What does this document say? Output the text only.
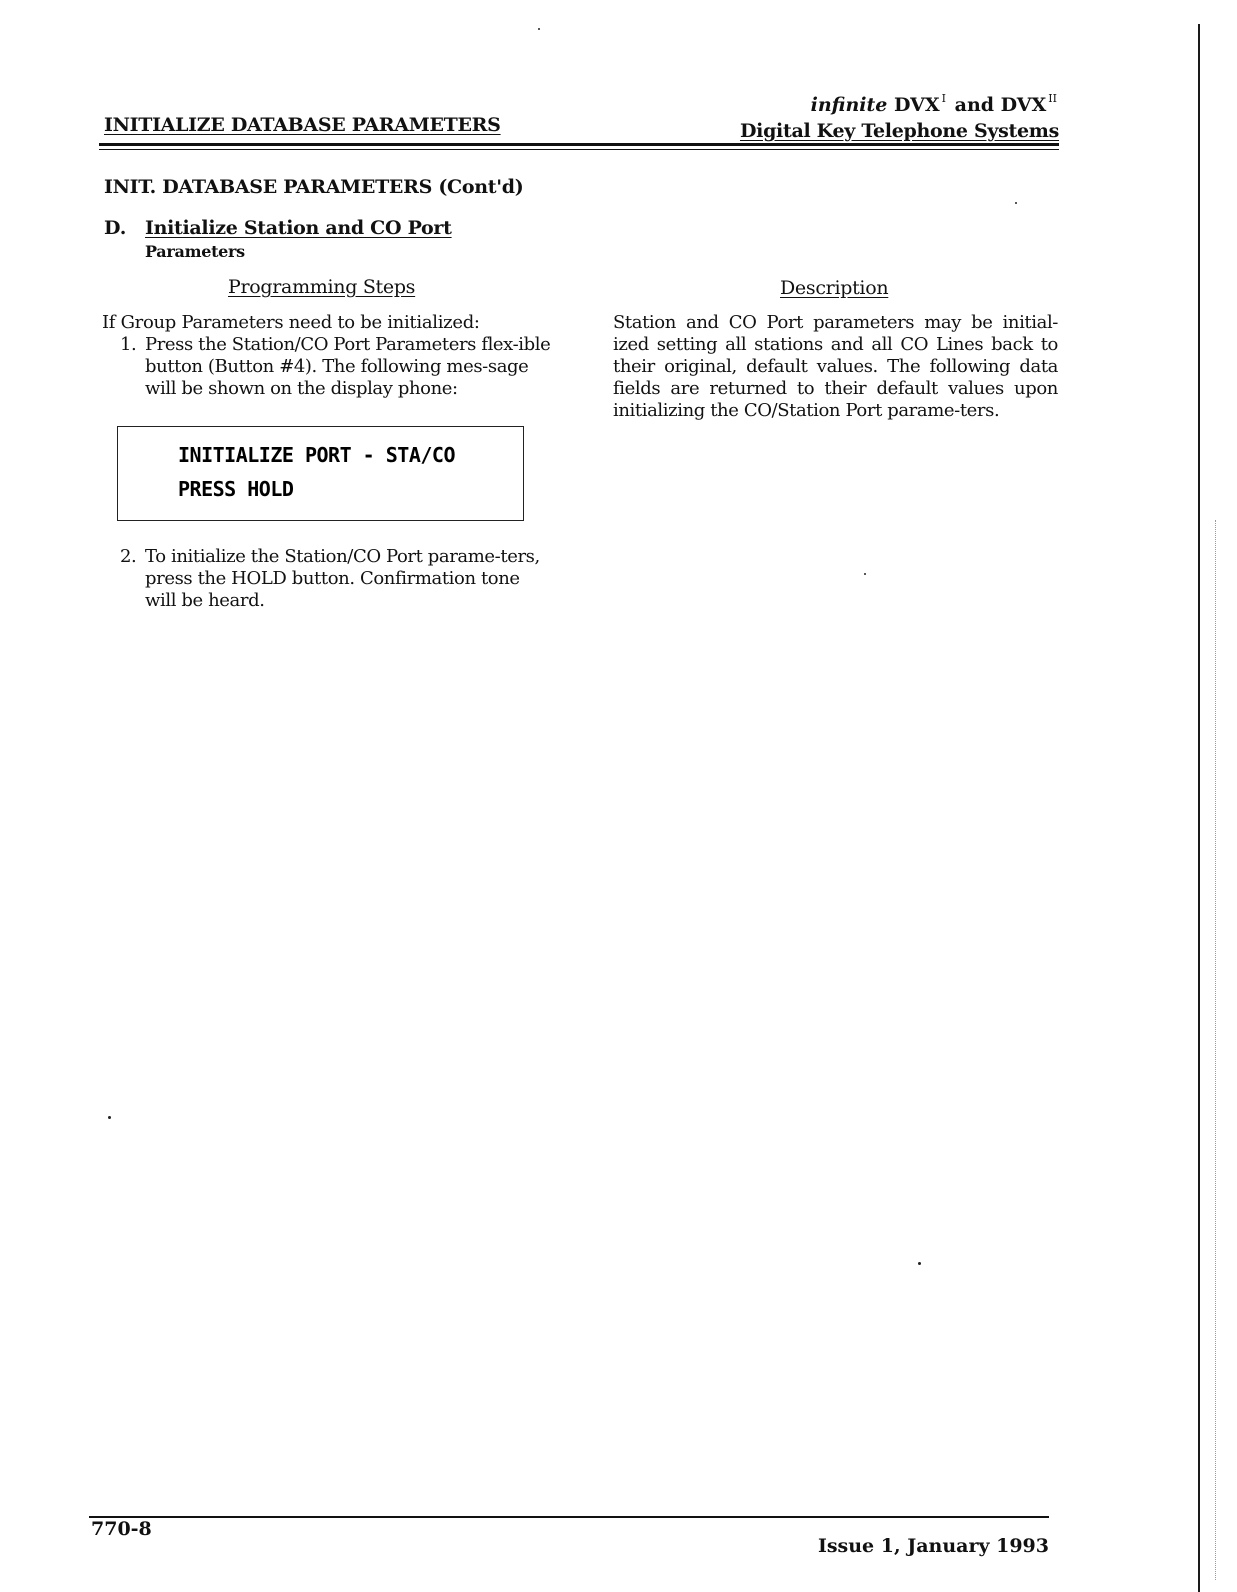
INITIALIZE DATABASE PARAMETERS
infinite DVX $^I$ and DVX $^{II}$
Digital Key Telephone Systems
INIT. DATABASE PARAMETERS (Cont'd)
D. Initialize Station and CO Port
Parameters
Programming Steps	Description
If Group Parameters need to be initialized:
1. Press the Station/CO Port Parameters flex-ible button (Button #4). The following mes-sage will be shown on the display phone:
INITIALIZE PORT - STA/CO
PRESS HOLD
2. To initialize the Station/CO Port parame-ters, press the HOLD button. Confirmation tone will be heard.
Station and CO Port parameters may be initial-ized setting all stations and all CO Lines back to their original, default values. The following data fields are returned to their default values upon initializing the CO/Station Port parame-ters.
770-8
Issue 1, January 1993
